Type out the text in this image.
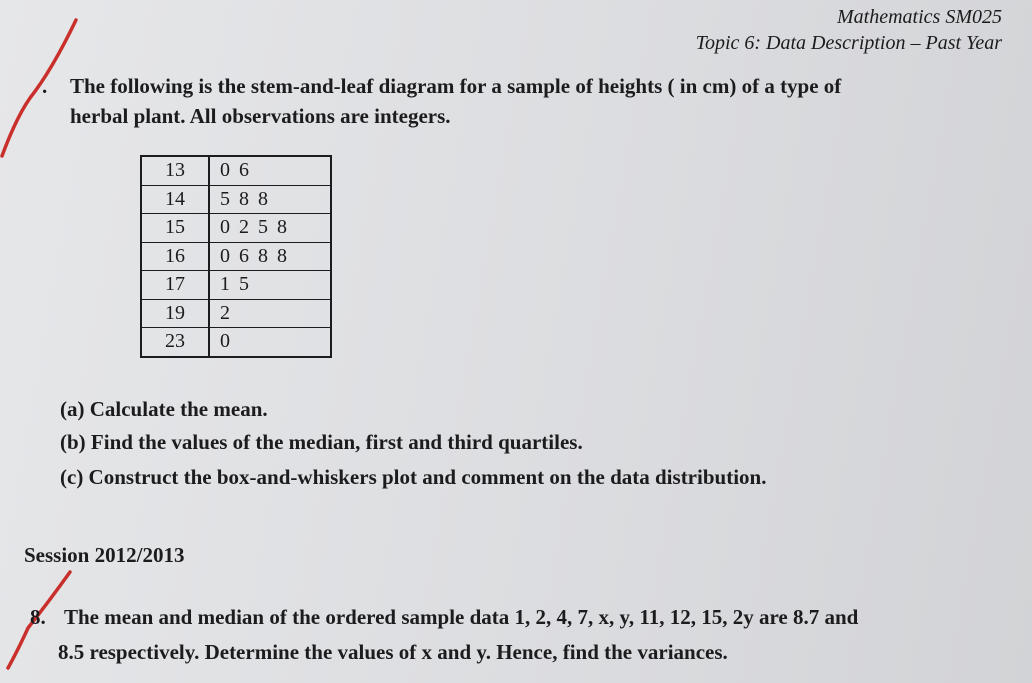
Mathematics SM025
Topic 6: Data Description – Past Year
. The following is the stem-and-leaf diagram for a sample of heights ( in cm) of a type of
herbal plant. All observations are integers.
13	0 6
14	5 8 8
15	0 2 5 8
16	0 6 8 8
17	1 5
19	2
23	0
(a) Calculate the mean.
(b) Find the values of the median, first and third quartiles.
(c) Construct the box-and-whiskers plot and comment on the data distribution.
Session 2012/2013
8. The mean and median of the ordered sample data 1, 2, 4, 7, x, y, 11, 12, 15, 2y are 8.7 and
8.5 respectively. Determine the values of x and y. Hence, find the variances.
